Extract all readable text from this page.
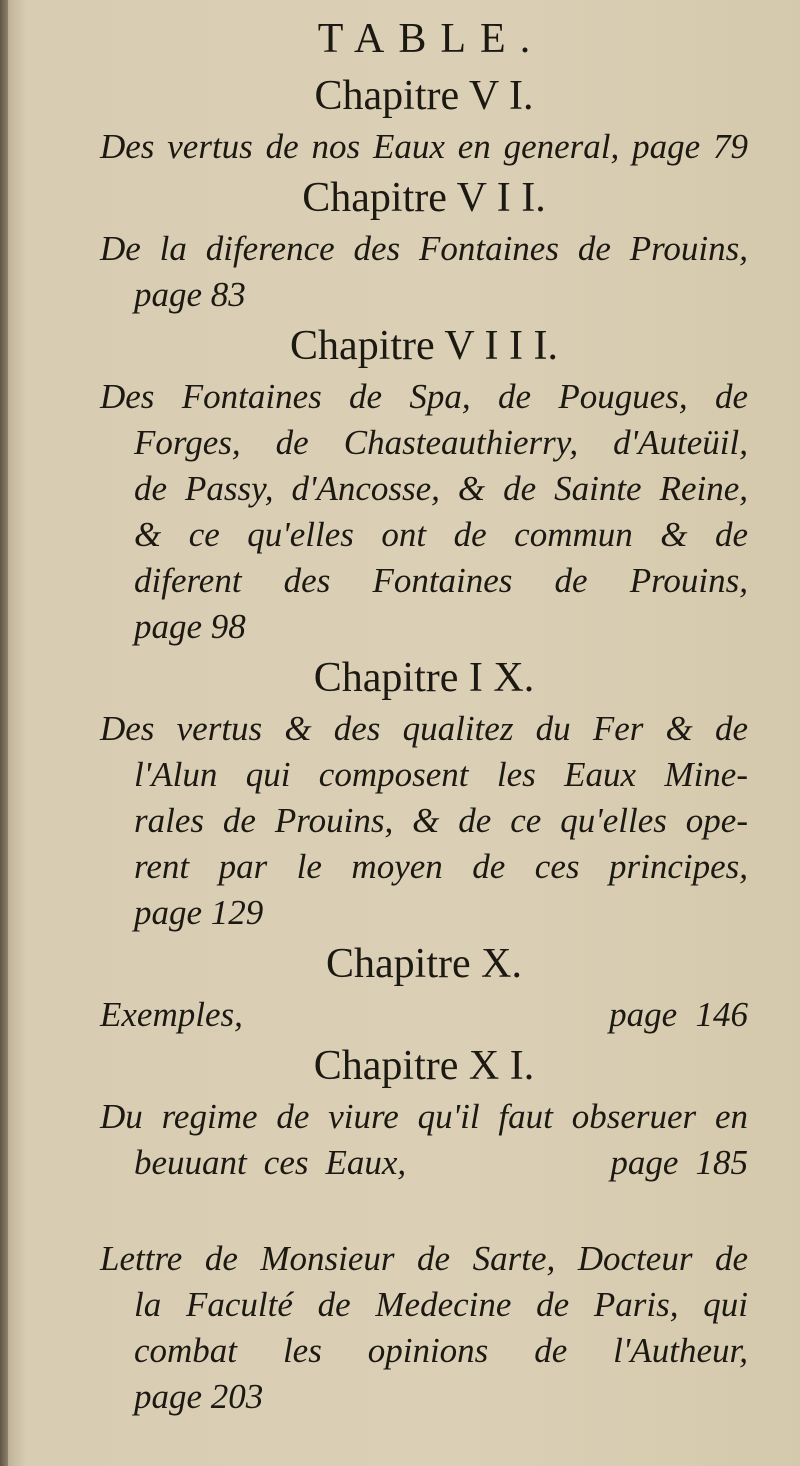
TABLE.

Chapitre V I.

Des vertus de nos Eaux en general, page 79

Chapitre V I I.

De la diference des Fontaines de Prouins,

page 83

Chapitre V I I I.

Des Fontaines de Spa, de Pougues, de

Forges, de Chasteauthierry, d'Auteüil,

de Passy, d'Ancosse, & de Sainte Reine,

& ce qu'elles ont de commun & de

diferent des Fontaines de Prouins,

page 98

Chapitre I X.

Des vertus & des qualitez du Fer & de

l'Alun qui composent les Eaux Mine-

rales de Prouins, & de ce qu'elles ope-

rent par le moyen de ces principes,

page 129

Chapitre X.

Exemples,                    page 146

Chapitre X I.

Du regime de viure qu'il faut obseruer en

beuuant ces Eaux,            page 185

Lettre de Monsieur de Sarte, Docteur de

la Faculté de Medecine de Paris, qui

combat les opinions de l'Autheur,

page 203
